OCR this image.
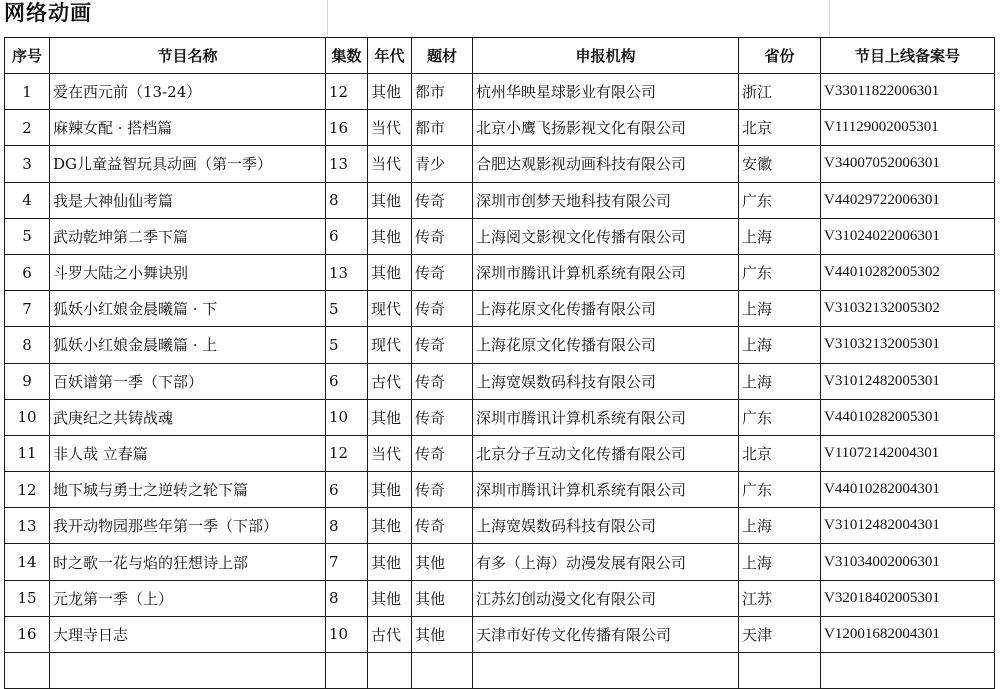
网络动画
序号	节目名称	集数	年代	题材	申报机构	省份	节目上线备案号
1	爱在西元前（13-24）	12	其他	都市	杭州华映星球影业有限公司	浙江	V33011822006301
2	麻辣女配 · 搭档篇	16	当代	都市	北京小鹰飞扬影视文化有限公司	北京	V11129002005301
3	DG儿童益智玩具动画（第一季）	13	当代	青少	合肥达观影视动画科技有限公司	安徽	V34007052006301
4	我是大神仙仙考篇	8	其他	传奇	深圳市创梦天地科技有限公司	广东	V44029722006301
5	武动乾坤第二季下篇	6	其他	传奇	上海阅文影视文化传播有限公司	上海	V31024022006301
6	斗罗大陆之小舞诀别	13	其他	传奇	深圳市腾讯计算机系统有限公司	广东	V44010282005302
7	狐妖小红娘金晨曦篇 · 下	5	现代	传奇	上海花原文化传播有限公司	上海	V31032132005302
8	狐妖小红娘金晨曦篇 · 上	5	现代	传奇	上海花原文化传播有限公司	上海	V31032132005301
9	百妖谱第一季（下部）	6	古代	传奇	上海宽娱数码科技有限公司	上海	V31012482005301
10	武庚纪之共铸战魂	10	其他	传奇	深圳市腾讯计算机系统有限公司	广东	V44010282005301
11	非人哉 立春篇	12	当代	传奇	北京分子互动文化传播有限公司	北京	V11072142004301
12	地下城与勇士之逆转之轮下篇	6	其他	传奇	深圳市腾讯计算机系统有限公司	广东	V44010282004301
13	我开动物园那些年第一季（下部）	8	其他	传奇	上海宽娱数码科技有限公司	上海	V31012482004301
14	时之歌一花与焰的狂想诗上部	7	其他	其他	有多（上海）动漫发展有限公司	上海	V31034002006301
15	元龙第一季（上）	8	其他	其他	江苏幻创动漫文化有限公司	江苏	V32018402005301
16	大理寺日志	10	古代	其他	天津市好传文化传播有限公司	天津	V12001682004301
